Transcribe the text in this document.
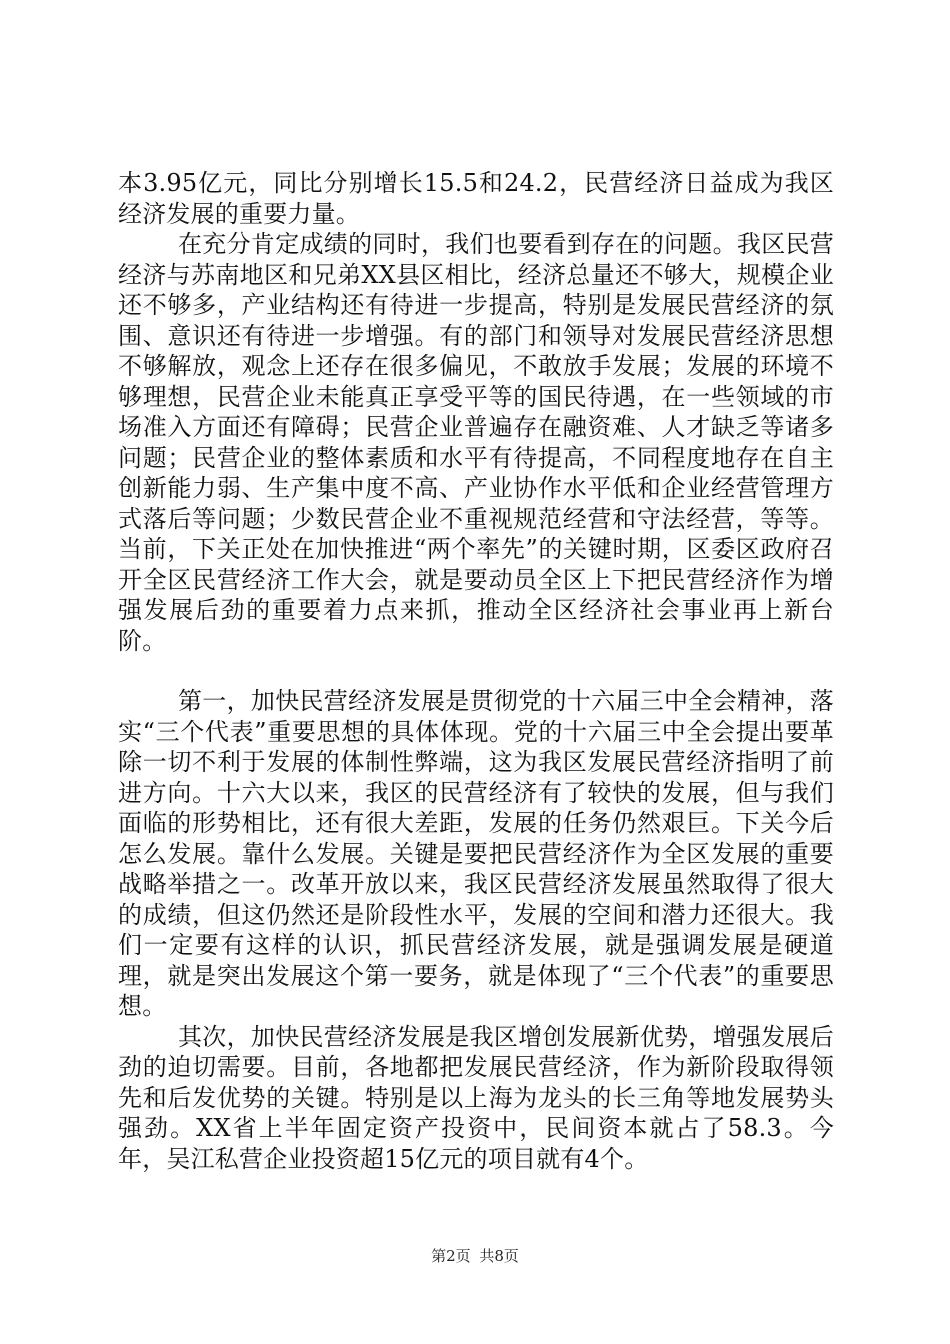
本3.95亿元，同比分别增长15.5和24.2，民营经济日益成为我区经济发展的重要力量。

在充分肯定成绩的同时，我们也要看到存在的问题。我区民营经济与苏南地区和兄弟XX县区相比，经济总量还不够大，规模企业还不够多，产业结构还有待进一步提高，特别是发展民营经济的氛围、意识还有待进一步增强。有的部门和领导对发展民营经济思想不够解放，观念上还存在很多偏见，不敢放手发展；发展的环境不够理想，民营企业未能真正享受平等的国民待遇，在一些领域的市场准入方面还有障碍；民营企业普遍存在融资难、人才缺乏等诸多问题；民营企业的整体素质和水平有待提高，不同程度地存在自主创新能力弱、生产集中度不高、产业协作水平低和企业经营管理方式落后等问题；少数民营企业不重视规范经营和守法经营，等等。当前，下关正处在加快推进“两个率先”的关键时期，区委区政府召开全区民营经济工作大会，就是要动员全区上下把民营经济作为增强发展后劲的重要着力点来抓，推动全区经济社会事业再上新台阶。

第一，加快民营经济发展是贯彻党的十六届三中全会精神，落实“三个代表”重要思想的具体体现。党的十六届三中全会提出要革除一切不利于发展的体制性弊端，这为我区发展民营经济指明了前进方向。十六大以来，我区的民营经济有了较快的发展，但与我们面临的形势相比，还有很大差距，发展的任务仍然艰巨。下关今后怎么发展。靠什么发展。关键是要把民营经济作为全区发展的重要战略举措之一。改革开放以来，我区民营经济发展虽然取得了很大的成绩，但这仍然还是阶段性水平，发展的空间和潜力还很大。我们一定要有这样的认识，抓民营经济发展，就是强调发展是硬道理，就是突出发展这个第一要务，就是体现了“三个代表”的重要思想。

其次，加快民营经济发展是我区增创发展新优势，增强发展后劲的迫切需要。目前，各地都把发展民营经济，作为新阶段取得领先和后发优势的关键。特别是以上海为龙头的长三角等地发展势头强劲。XX省上半年固定资产投资中，民间资本就占了58.3。今年，吴江私营企业投资超15亿元的项目就有4个。

第2页 共8页
